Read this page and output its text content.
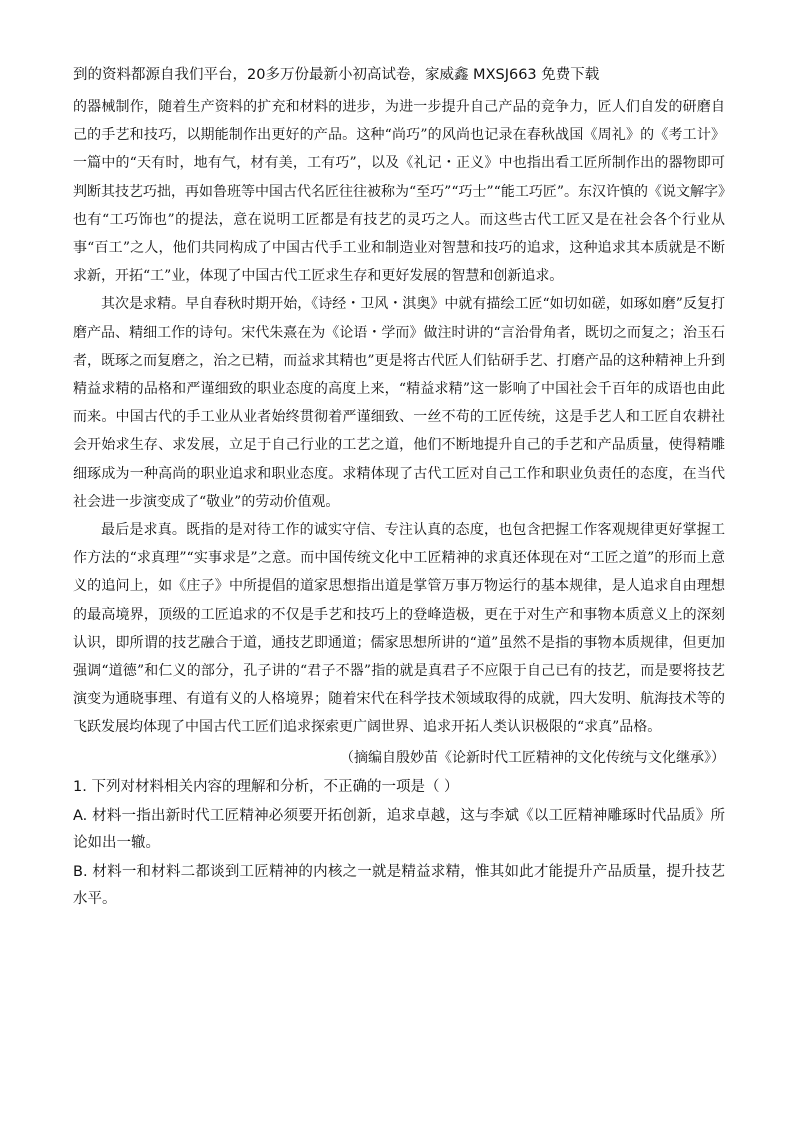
到的资料都源自我们平台，20多万份最新小初高试卷，家威鑫 MXSJ663 免费下载

的器械制作，随着生产资料的扩充和材料的进步，为进一步提升自己产品的竞争力，匠人们自发的研磨自己的手艺和技巧，以期能制作出更好的产品。这种“尚巧”的风尚也记录在春秋战国《周礼》的《考工计》一篇中的“天有时，地有气，材有美，工有巧”，以及《礼记・正义》中也指出看工匠所制作出的器物即可判断其技艺巧拙，再如鲁班等中国古代名匠往往被称为“至巧”“巧士”“能工巧匠”。东汉许慎的《说文解字》也有“工巧饰也”的提法，意在说明工匠都是有技艺的灵巧之人。而这些古代工匠又是在社会各个行业从事“百工”之人，他们共同构成了中国古代手工业和制造业对智慧和技巧的追求，这种追求其本质就是不断求新，开拓“工”业，体现了中国古代工匠求生存和更好发展的智慧和创新追求。

其次是求精。早自春秋时期开始，《诗经・卫风・淇奥》中就有描绘工匠“如切如磋，如琢如磨”反复打磨产品、精细工作的诗句。宋代朱熹在为《论语・学而》做注时讲的“言治骨角者，既切之而复之；治玉石者，既琢之而复磨之，治之已精，而益求其精也”更是将古代匠人们钻研手艺、打磨产品的这种精神上升到精益求精的品格和严谨细致的职业态度的高度上来，“精益求精”这一影响了中国社会千百年的成语也由此而来。中国古代的手工业从业者始终贯彻着严谨细致、一丝不苟的工匠传统，这是手艺人和工匠自农耕社会开始求生存、求发展，立足于自己行业的工艺之道，他们不断地提升自己的手艺和产品质量，使得精雕细琢成为一种高尚的职业追求和职业态度。求精体现了古代工匠对自己工作和职业负责任的态度，在当代社会进一步演变成了“敬业”的劳动价值观。

最后是求真。既指的是对待工作的诚实守信、专注认真的态度，也包含把握工作客观规律更好掌握工作方法的“求真理”“实事求是”之意。而中国传统文化中工匠精神的求真还体现在对“工匠之道”的形而上意义的追问上，如《庄子》中所提倡的道家思想指出道是掌管万事万物运行的基本规律，是人追求自由理想的最高境界，顶级的工匠追求的不仅是手艺和技巧上的登峰造极，更在于对生产和事物本质意义上的深刻认识，即所谓的技艺融合于道，通技艺即通道；儒家思想所讲的“道”虽然不是指的事物本质规律，但更加强调“道德”和仁义的部分，孔子讲的“君子不器”指的就是真君子不应限于自己已有的技艺，而是要将技艺演变为通晓事理、有道有义的人格境界；随着宋代在科学技术领域取得的成就，四大发明、航海技术等的飞跃发展均体现了中国古代工匠们追求探索更广阔世界、追求开拓人类认识极限的“求真”品格。

（摘编自殷妙苗《论新时代工匠精神的文化传统与文化继承》）

1. 下列对材料相关内容的理解和分析，不正确的一项是（ ）

A. 材料一指出新时代工匠精神必须要开拓创新，追求卓越，这与李斌《以工匠精神雕琢时代品质》所论如出一辙。

B. 材料一和材料二都谈到工匠精神的内核之一就是精益求精，惟其如此才能提升产品质量，提升技艺水平。
